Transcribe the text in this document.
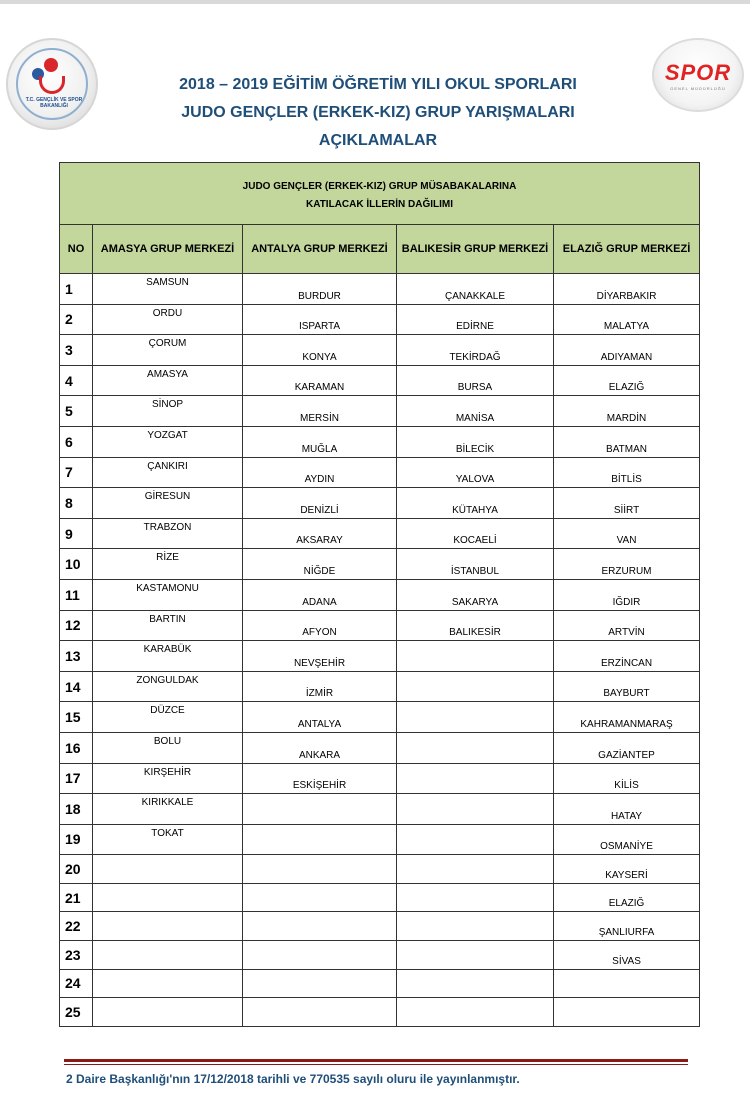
T.C. GENÇLİK VE SPOR BAKANLIĞI
SPOR
GENEL MÜDÜRLÜĞÜ
2018 – 2019 EĞİTİM ÖĞRETİM YILI OKUL SPORLARI
JUDO GENÇLER (ERKEK-KIZ) GRUP YARIŞMALARI
AÇIKLAMALAR
JUDO GENÇLER (ERKEK-KIZ) GRUP MÜSABAKALARINA
KATILACAK İLLERİN DAĞILIMI				

NO	AMASYA GRUP MERKEZİ	ANTALYA GRUP MERKEZİ	BALIKESİR GRUP MERKEZİ	ELAZIĞ GRUP MERKEZİ
1	SAMSUN	BURDUR	ÇANAKKALE	DİYARBAKIR
2	ORDU	ISPARTA	EDİRNE	MALATYA
3	ÇORUM	KONYA	TEKİRDAĞ	ADIYAMAN
4	AMASYA	KARAMAN	BURSA	ELAZIĞ
5	SİNOP	MERSİN	MANİSA	MARDİN
6	YOZGAT	MUĞLA	BİLECİK	BATMAN
7	ÇANKIRI	AYDIN	YALOVA	BİTLİS
8	GİRESUN	DENİZLİ	KÜTAHYA	SİİRT
9	TRABZON	AKSARAY	KOCAELİ	VAN
10	RİZE	NİĞDE	İSTANBUL	ERZURUM
11	KASTAMONU	ADANA	SAKARYA	IĞDIR
12	BARTIN	AFYON	BALIKESİR	ARTVİN
13	KARABÜK	NEVŞEHİR		ERZİNCAN
14	ZONGULDAK	İZMİR		BAYBURT
15	DÜZCE	ANTALYA		KAHRAMANMARAŞ
16	BOLU	ANKARA		GAZİANTEP
17	KIRŞEHİR	ESKİŞEHİR		KİLİS
18	KIRIKKALE			HATAY
19	TOKAT			OSMANİYE
20				KAYSERİ
21				ELAZIĞ
22				ŞANLIURFA
23				SİVAS
24				
25				
2 Daire Başkanlığı'nın 17/12/2018 tarihli ve 770535 sayılı oluru ile yayınlanmıştır.
